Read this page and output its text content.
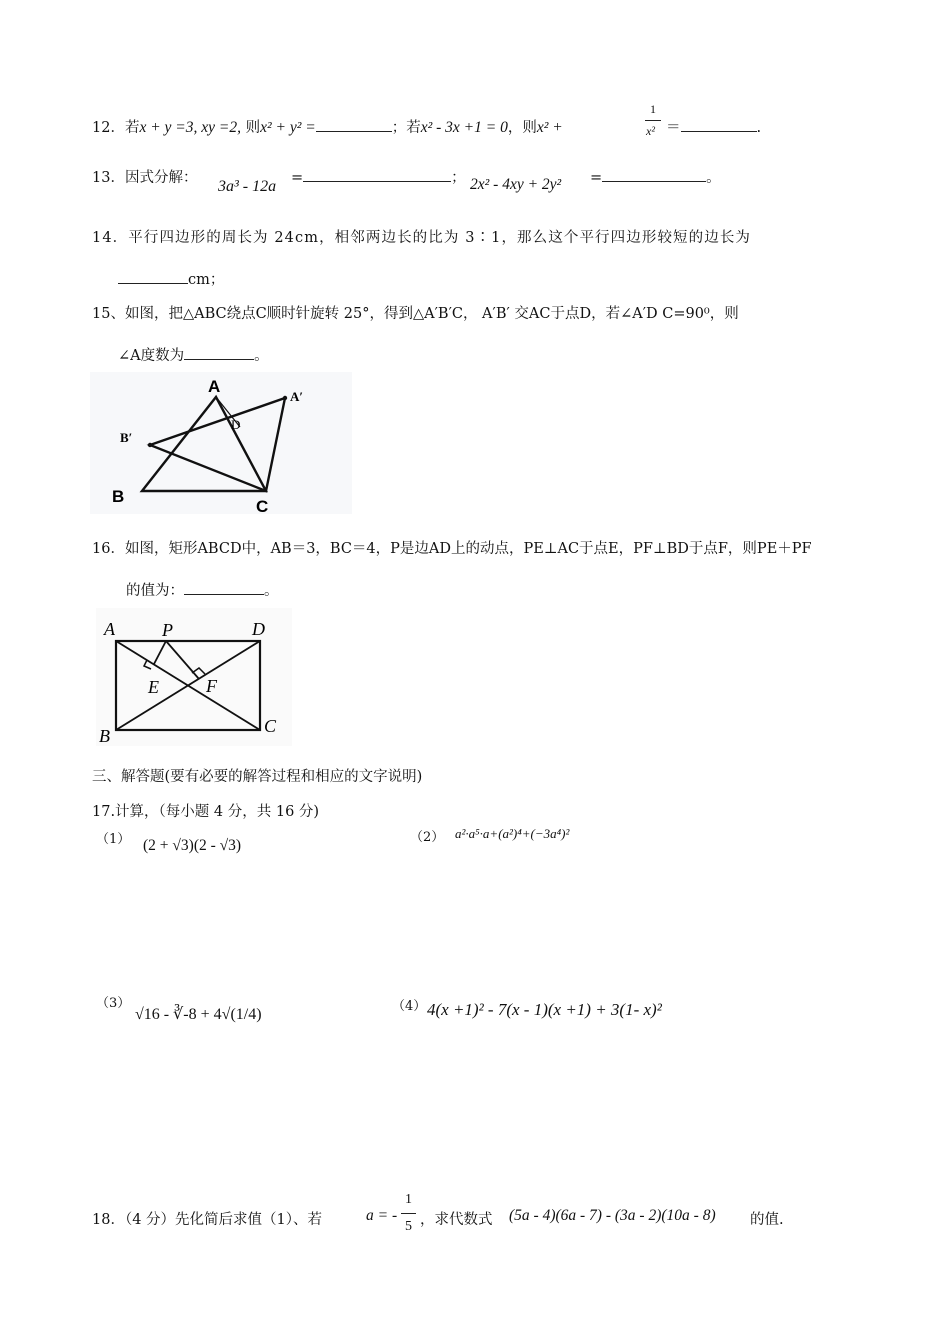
12．若x + y =3, xy =2, 则x² + y² =	；若x² - 3x +1 = 0，则x² +
1
x² ＝	.
13．因式分解： 3a³ - 12a =	； 2x² - 4xy + 2y² =	。
14．平行四边形的周长为 24cm，相邻两边长的比为 3∶1，那么这个平行四边形较短的边长为
cm；
15、如图，把△ABC绕点C顺时针旋转 25°，得到△A′B′C， A′B′ 交AC于点D，若∠A′D C=90⁰，则
∠A度数为	。
A
A′
B′
D
B
C
16．如图，矩形ABCD中，AB＝3，BC＝4，P是边AD上的动点，PE⊥AC于点E，PF⊥BD于点F，则PE＋PF
的值为：	。
A	P	D
E	F
B	C
三、解答题(要有必要的解答过程和相应的文字说明)
17.计算，（每小题 4 分，共 16 分)
（1） (2 + √3)(2 - √3)	（2） a²·a⁵·a+(a²)⁴+(−3a⁴)²
（3）
√16 - ∛-8 + 4√(1/4)	（4） 4(x +1)² - 7(x - 1)(x +1) + 3(1- x)²
18．（4 分）先化简后求值（1）、若	a = -
1
5 ，求代数式 (5a - 4)(6a - 7) - (3a - 2)(10a - 8) 的值.
